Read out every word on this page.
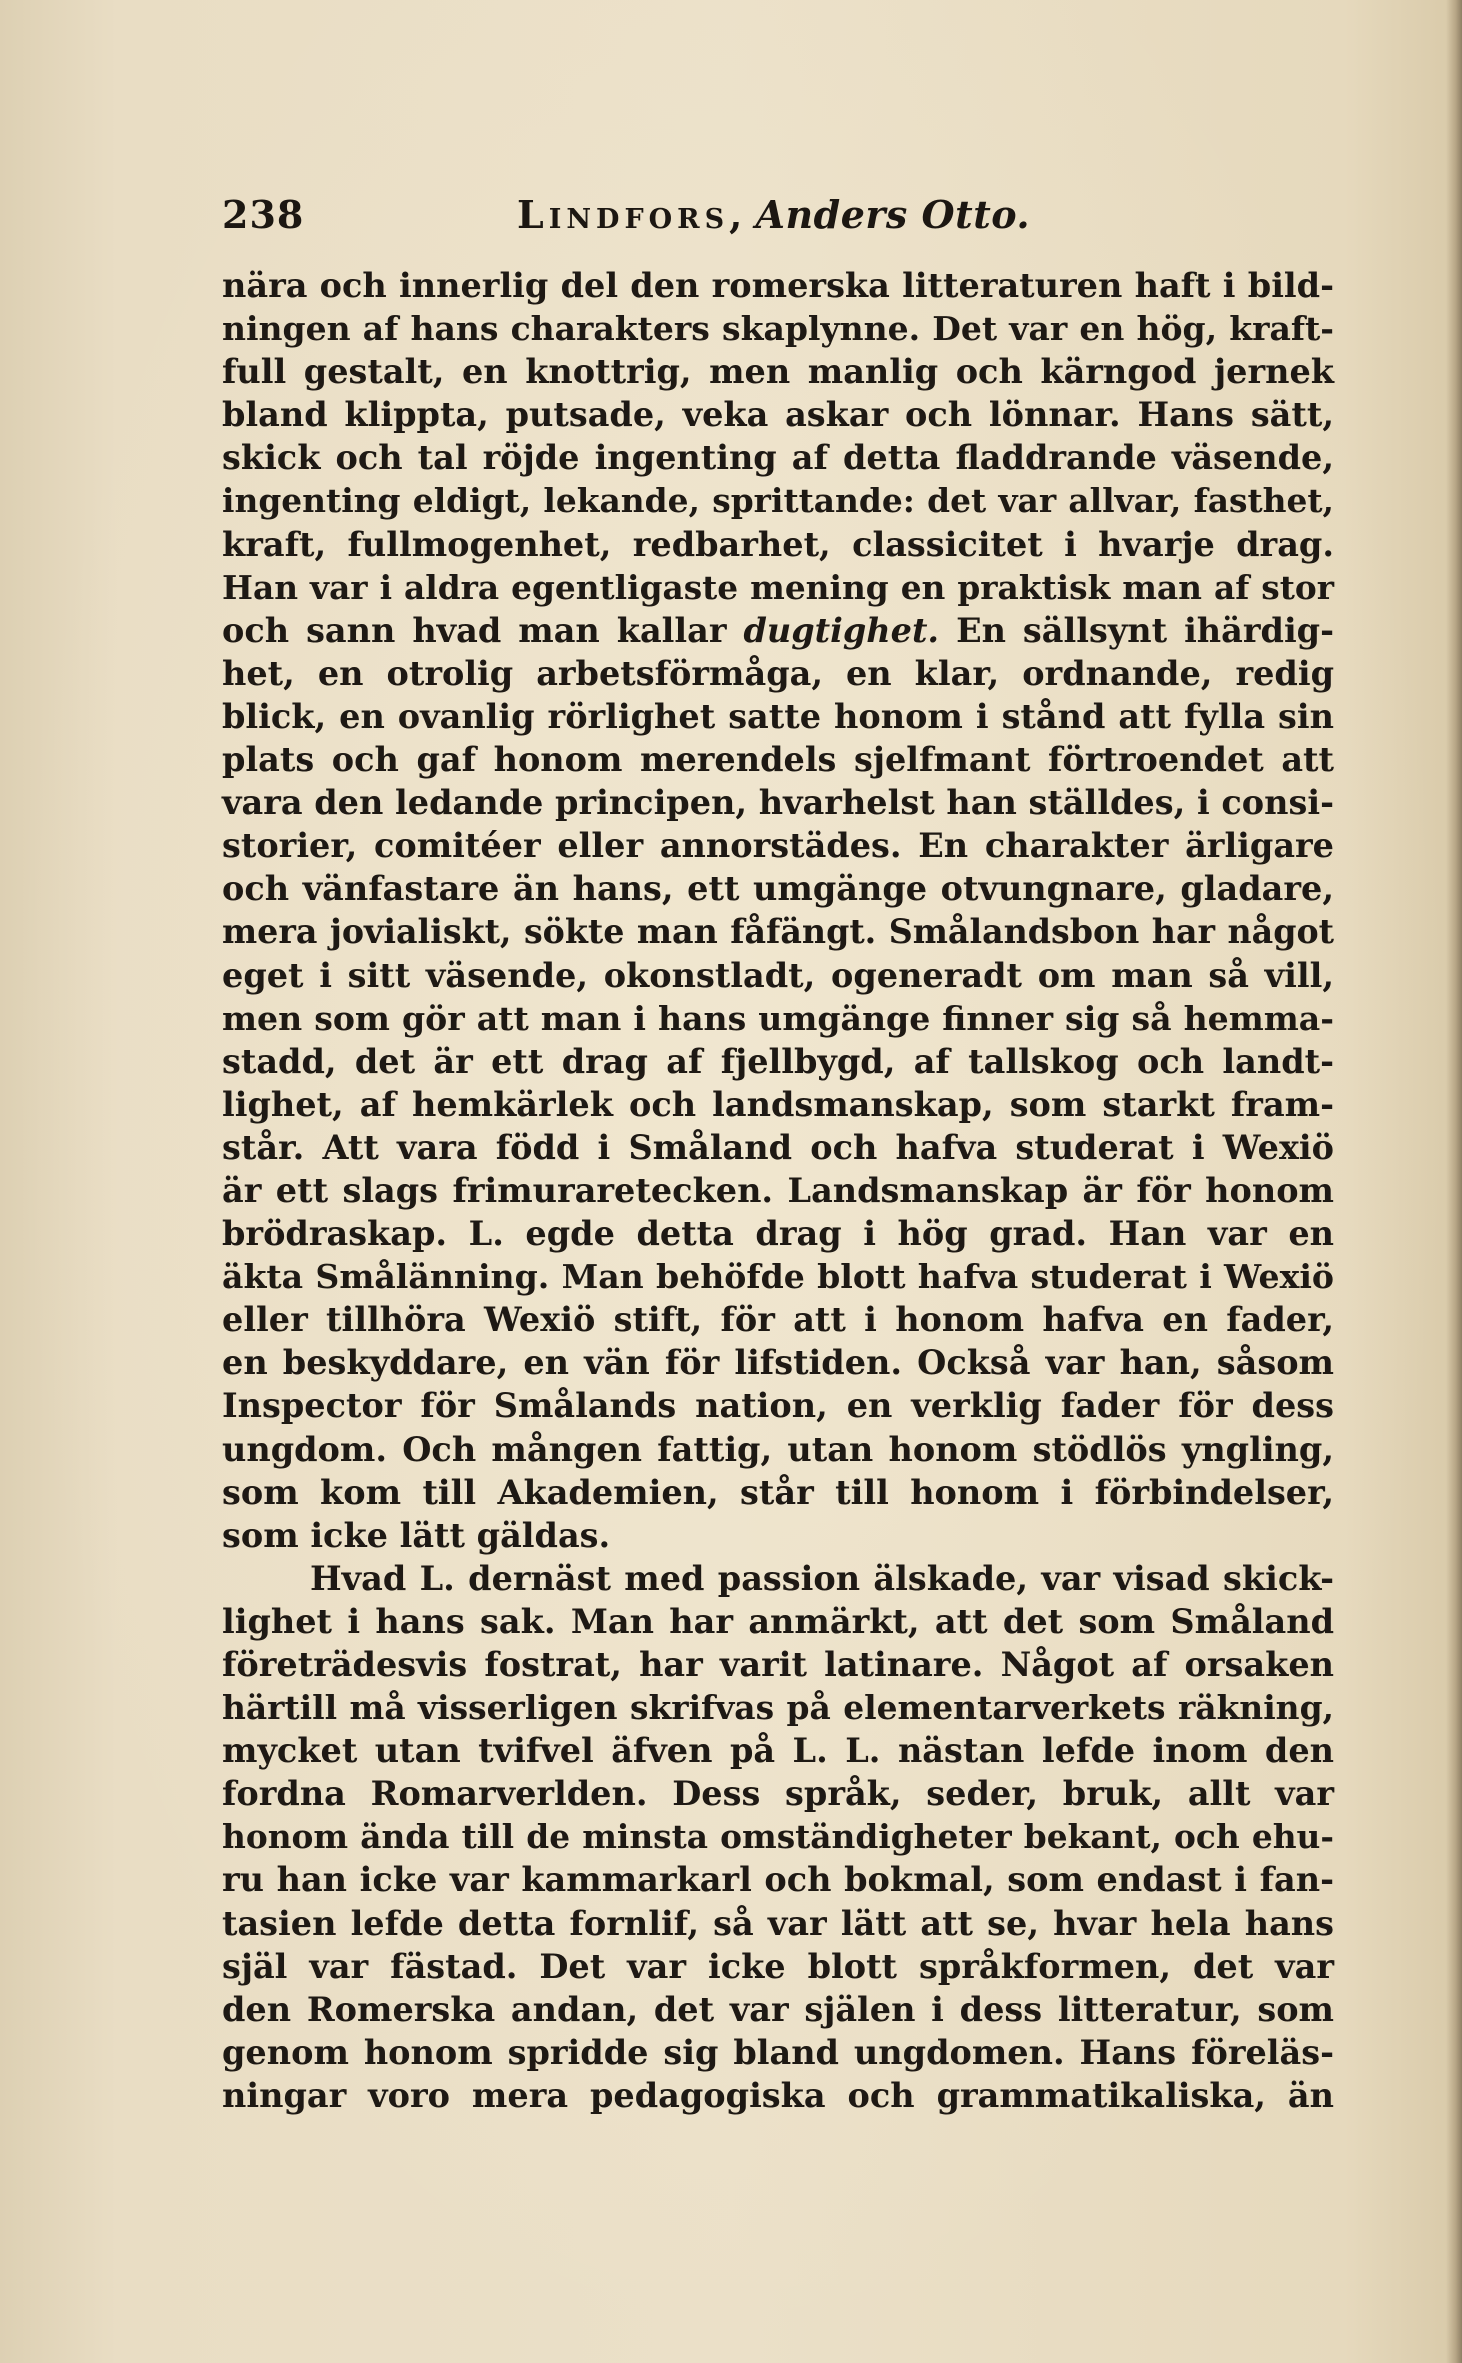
238	Lindfors, Anders Otto.
nära och innerlig del den romerska litteraturen haft i bild-
ningen af hans charakters skaplynne. Det var en hög, kraft-
full gestalt, en knottrig, men manlig och kärngod jernek
bland klippta, putsade, veka askar och lönnar. Hans sätt,
skick och tal röjde ingenting af detta fladdrande väsende,
ingenting eldigt, lekande, sprittande: det var allvar, fasthet,
kraft, fullmogenhet, redbarhet, classicitet i hvarje drag.
Han var i aldra egentligaste mening en praktisk man af stor
och sann hvad man kallar dugtighet. En sällsynt ihärdig-
het, en otrolig arbetsförmåga, en klar, ordnande, redig
blick, en ovanlig rörlighet satte honom i stånd att fylla sin
plats och gaf honom merendels sjelfmant förtroendet att
vara den ledande principen, hvarhelst han ställdes, i consi-
storier, comitéer eller annorstädes. En charakter ärligare
och vänfastare än hans, ett umgänge otvungnare, gladare,
mera jovialiskt, sökte man fåfängt. Smålandsbon har något
eget i sitt väsende, okonstladt, ogeneradt om man så vill,
men som gör att man i hans umgänge finner sig så hemma-
stadd, det är ett drag af fjellbygd, af tallskog och landt-
lighet, af hemkärlek och landsmanskap, som starkt fram-
står. Att vara född i Småland och hafva studerat i Wexiö
är ett slags frimuraretecken. Landsmanskap är för honom
brödraskap. L. egde detta drag i hög grad. Han var en
äkta Smålänning. Man behöfde blott hafva studerat i Wexiö
eller tillhöra Wexiö stift, för att i honom hafva en fader,
en beskyddare, en vän för lifstiden. Också var han, såsom
Inspector för Smålands nation, en verklig fader för dess
ungdom. Och mången fattig, utan honom stödlös yngling,
som kom till Akademien, står till honom i förbindelser,
som icke lätt gäldas.
Hvad L. dernäst med passion älskade, var visad skick-
lighet i hans sak. Man har anmärkt, att det som Småland
företrädesvis fostrat, har varit latinare. Något af orsaken
härtill må visserligen skrifvas på elementarverkets räkning,
mycket utan tvifvel äfven på L. L. nästan lefde inom den
fordna Romarverlden. Dess språk, seder, bruk, allt var
honom ända till de minsta omständigheter bekant, och ehu-
ru han icke var kammarkarl och bokmal, som endast i fan-
tasien lefde detta fornlif, så var lätt att se, hvar hela hans
själ var fästad. Det var icke blott språkformen, det var
den Romerska andan, det var själen i dess litteratur, som
genom honom spridde sig bland ungdomen. Hans föreläs-
ningar voro mera pedagogiska och grammatikaliska, än
